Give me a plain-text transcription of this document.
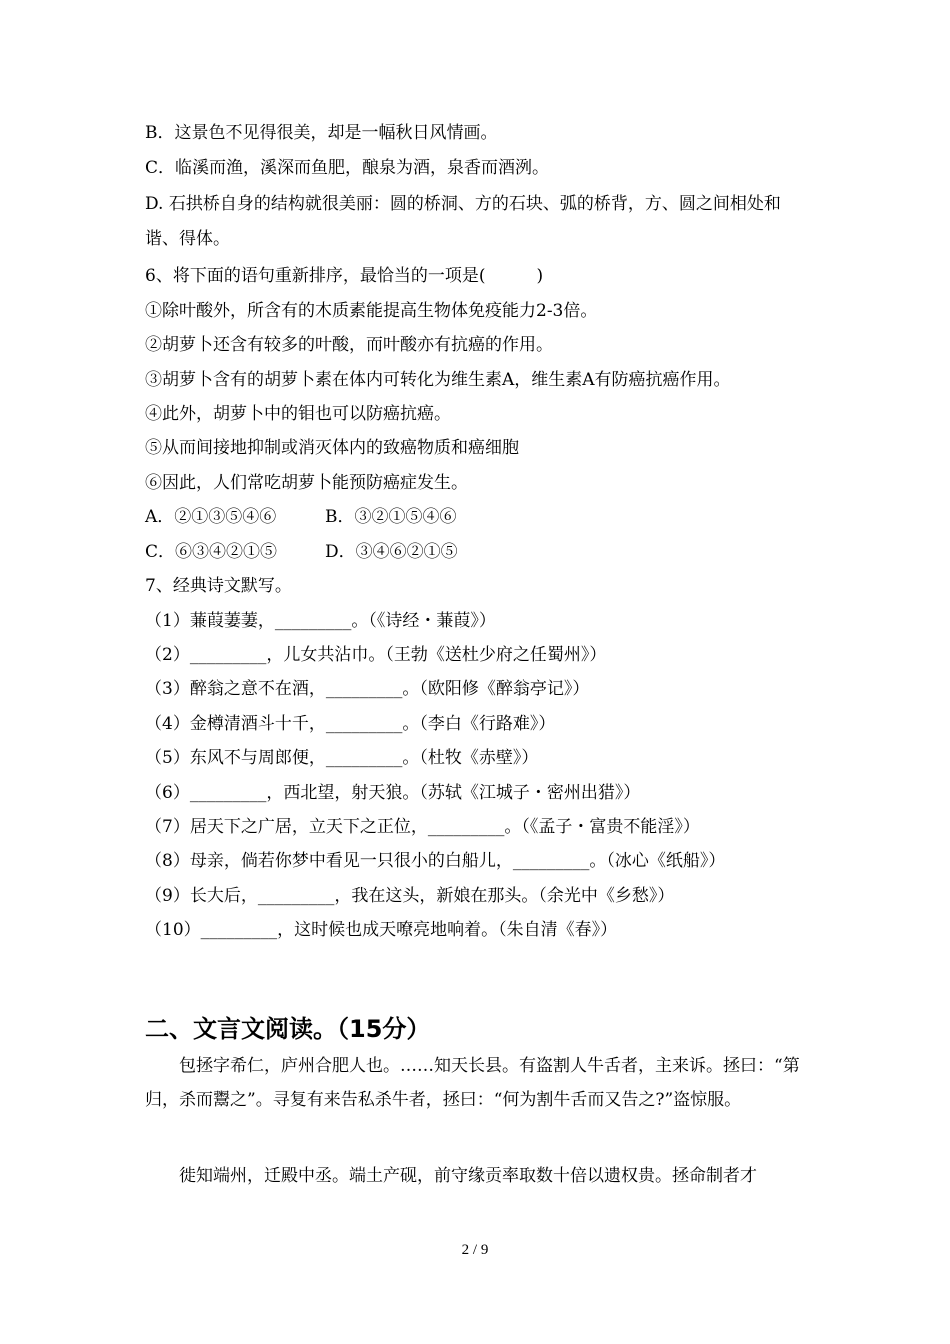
B．这景色不见得很美，却是一幅秋日风情画。
C．临溪而渔，溪深而鱼肥，酿泉为酒，泉香而酒洌。
D. 石拱桥自身的结构就很美丽：圆的桥洞、方的石块、弧的桥背，方、圆之间相处和谐、得体。
6、将下面的语句重新排序，最恰当的一项是(　　　)
①除叶酸外，所含有的木质素能提高生物体免疫能力2-3倍。
②胡萝卜还含有较多的叶酸，而叶酸亦有抗癌的作用。
③胡萝卜含有的胡萝卜素在体内可转化为维生素A，维生素A有防癌抗癌作用。
④此外，胡萝卜中的钼也可以防癌抗癌。
⑤从而间接地抑制或消灭体内的致癌物质和癌细胞
⑥因此，人们常吃胡萝卜能预防癌症发生。
A．②①③⑤④⑥	B．③②①⑤④⑥
C．⑥③④②①⑤	D．③④⑥②①⑤
7、经典诗文默写。
（1）蒹葭萋萋，_________。（《诗经・蒹葭》）
（2）_________，儿女共沾巾。（王勃《送杜少府之任蜀州》）
（3）醉翁之意不在酒，_________。（欧阳修《醉翁亭记》）
（4）金樽清酒斗十千，_________。（李白《行路难》）
（5）东风不与周郎便，_________。（杜牧《赤壁》）
（6）_________，西北望，射天狼。（苏轼《江城子・密州出猎》）
（7）居天下之广居，立天下之正位，_________。（《孟子・富贵不能淫》）
（8）母亲，倘若你梦中看见一只很小的白船儿，_________。（冰心《纸船》）
（9）长大后，_________，我在这头，新娘在那头。（余光中《乡愁》）
（10）_________，这时候也成天嘹亮地响着。（朱自清《春》）
二、文言文阅读。（15分）
包拯字希仁，庐州合肥人也。……知天长县。有盗割人牛舌者，主来诉。拯曰：“第归，杀而鬻之”。寻复有来告私杀牛者，拯曰：“何为割牛舌而又告之?”盗惊服。
徙知端州，迁殿中丞。端土产砚，前守缘贡率取数十倍以遗权贵。拯命制者才
2 / 9
